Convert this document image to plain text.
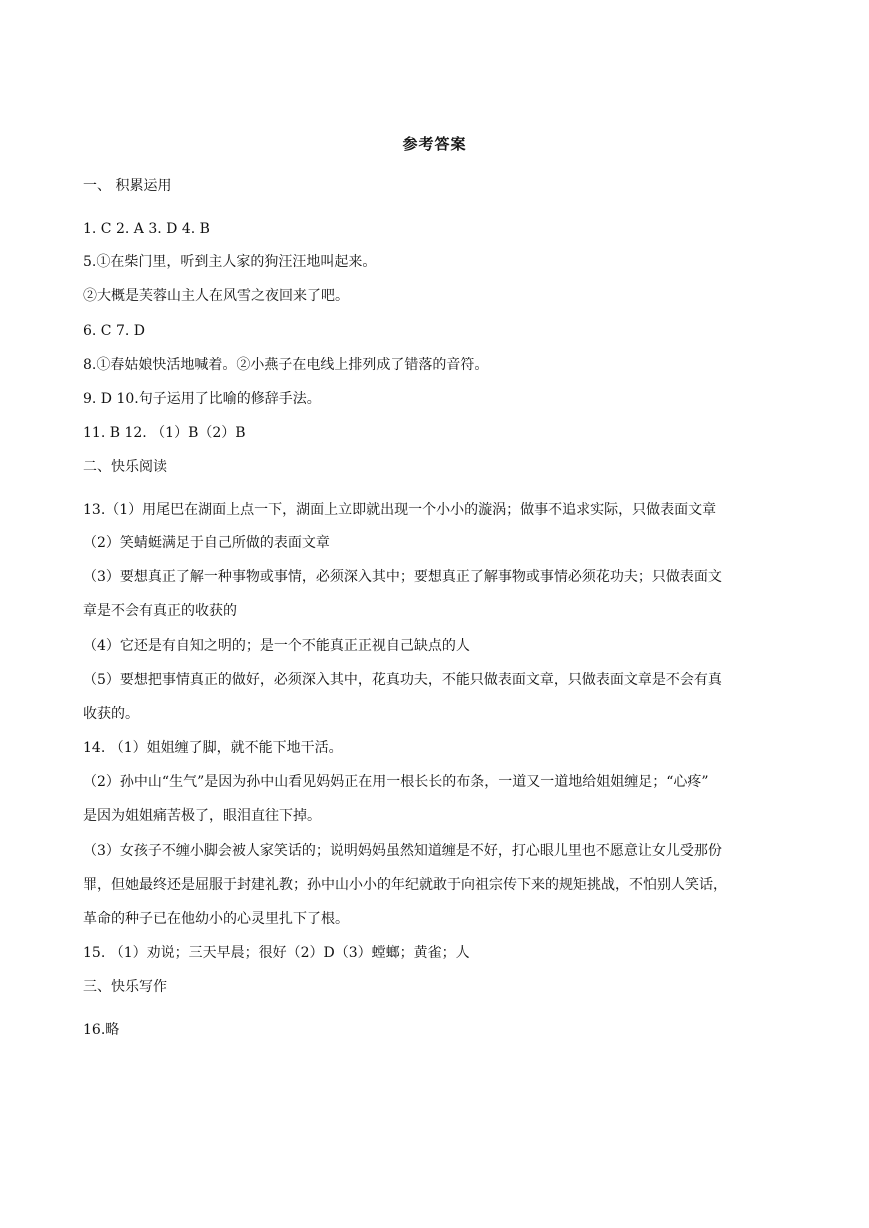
参考答案
一、 积累运用
1. C 2. A 3. D 4. B
5.①在柴门里，听到主人家的狗汪汪地叫起来。
②大概是芙蓉山主人在风雪之夜回来了吧。
6. C 7. D
8.①春姑娘快活地喊着。②小燕子在电线上排列成了错落的音符。
9. D 10.句子运用了比喻的修辞手法。
11. B 12. （1）B（2）B
二、快乐阅读
13.（1）用尾巴在湖面上点一下，湖面上立即就出现一个小小的漩涡；做事不追求实际，只做表面文章
（2）笑蜻蜓满足于自己所做的表面文章
（3）要想真正了解一种事物或事情，必须深入其中；要想真正了解事物或事情必须花功夫；只做表面文
章是不会有真正的收获的
（4）它还是有自知之明的；是一个不能真正正视自己缺点的人
（5）要想把事情真正的做好，必须深入其中，花真功夫，不能只做表面文章，只做表面文章是不会有真
收获的。
14. （1）姐姐缠了脚，就不能下地干活。
（2）孙中山“生气”是因为孙中山看见妈妈正在用一根长长的布条，一道又一道地给姐姐缠足；“心疼”
是因为姐姐痛苦极了，眼泪直往下掉。
（3）女孩子不缠小脚会被人家笑话的；说明妈妈虽然知道缠是不好，打心眼儿里也不愿意让女儿受那份
罪，但她最终还是屈服于封建礼教；孙中山小小的年纪就敢于向祖宗传下来的规矩挑战，不怕别人笑话，
革命的种子已在他幼小的心灵里扎下了根。
15. （1）劝说；三天早晨；很好（2）D（3）螳螂；黄雀；人
三、快乐写作
16.略
